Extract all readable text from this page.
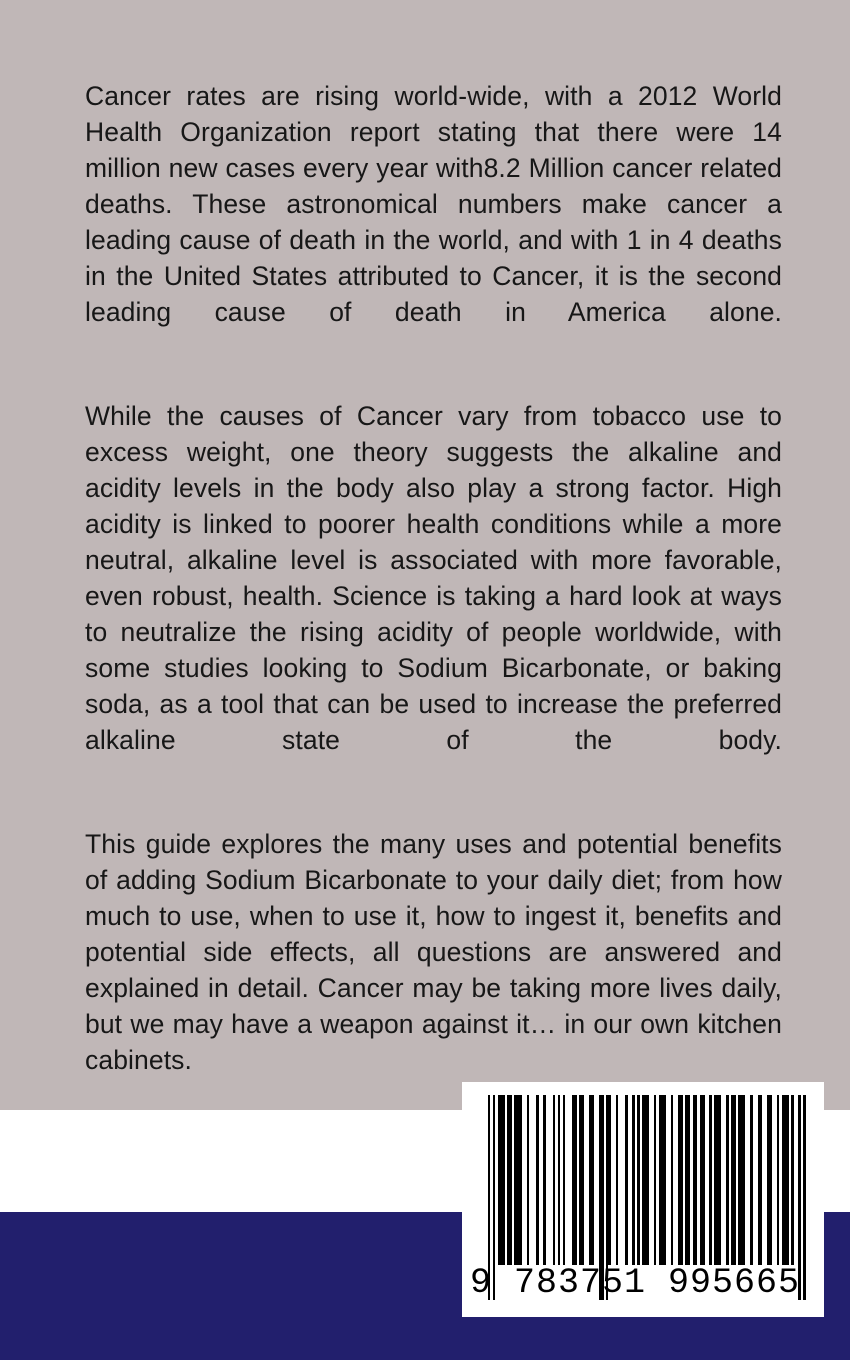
Cancer rates are rising world-wide, with a 2012 World Health Organization report stating that there were 14 million new cases every year with8.2 Million cancer related deaths. These astronomical numbers make cancer a leading cause of death in the world, and with 1 in 4 deaths in the United States attributed to Cancer, it is the second leading cause of death in America alone.

While the causes of Cancer vary from tobacco use to excess weight, one theory suggests the alkaline and acidity levels in the body also play a strong factor. High acidity is linked to poorer health conditions while a more neutral, alkaline level is associated with more favorable, even robust, health. Science is taking a hard look at ways to neutralize the rising acidity of people worldwide, with some studies looking to Sodium Bicarbonate, or baking soda, as a tool that can be used to increase the preferred alkaline state of the body.

This guide explores the many uses and potential benefits of adding Sodium Bicarbonate to your daily diet; from how much to use, when to use it, how to ingest it, benefits and potential side effects, all questions are answered and explained in detail. Cancer may be taking more lives daily, but we may have a weapon against it… in our own kitchen cabinets.

9 783751 995665
